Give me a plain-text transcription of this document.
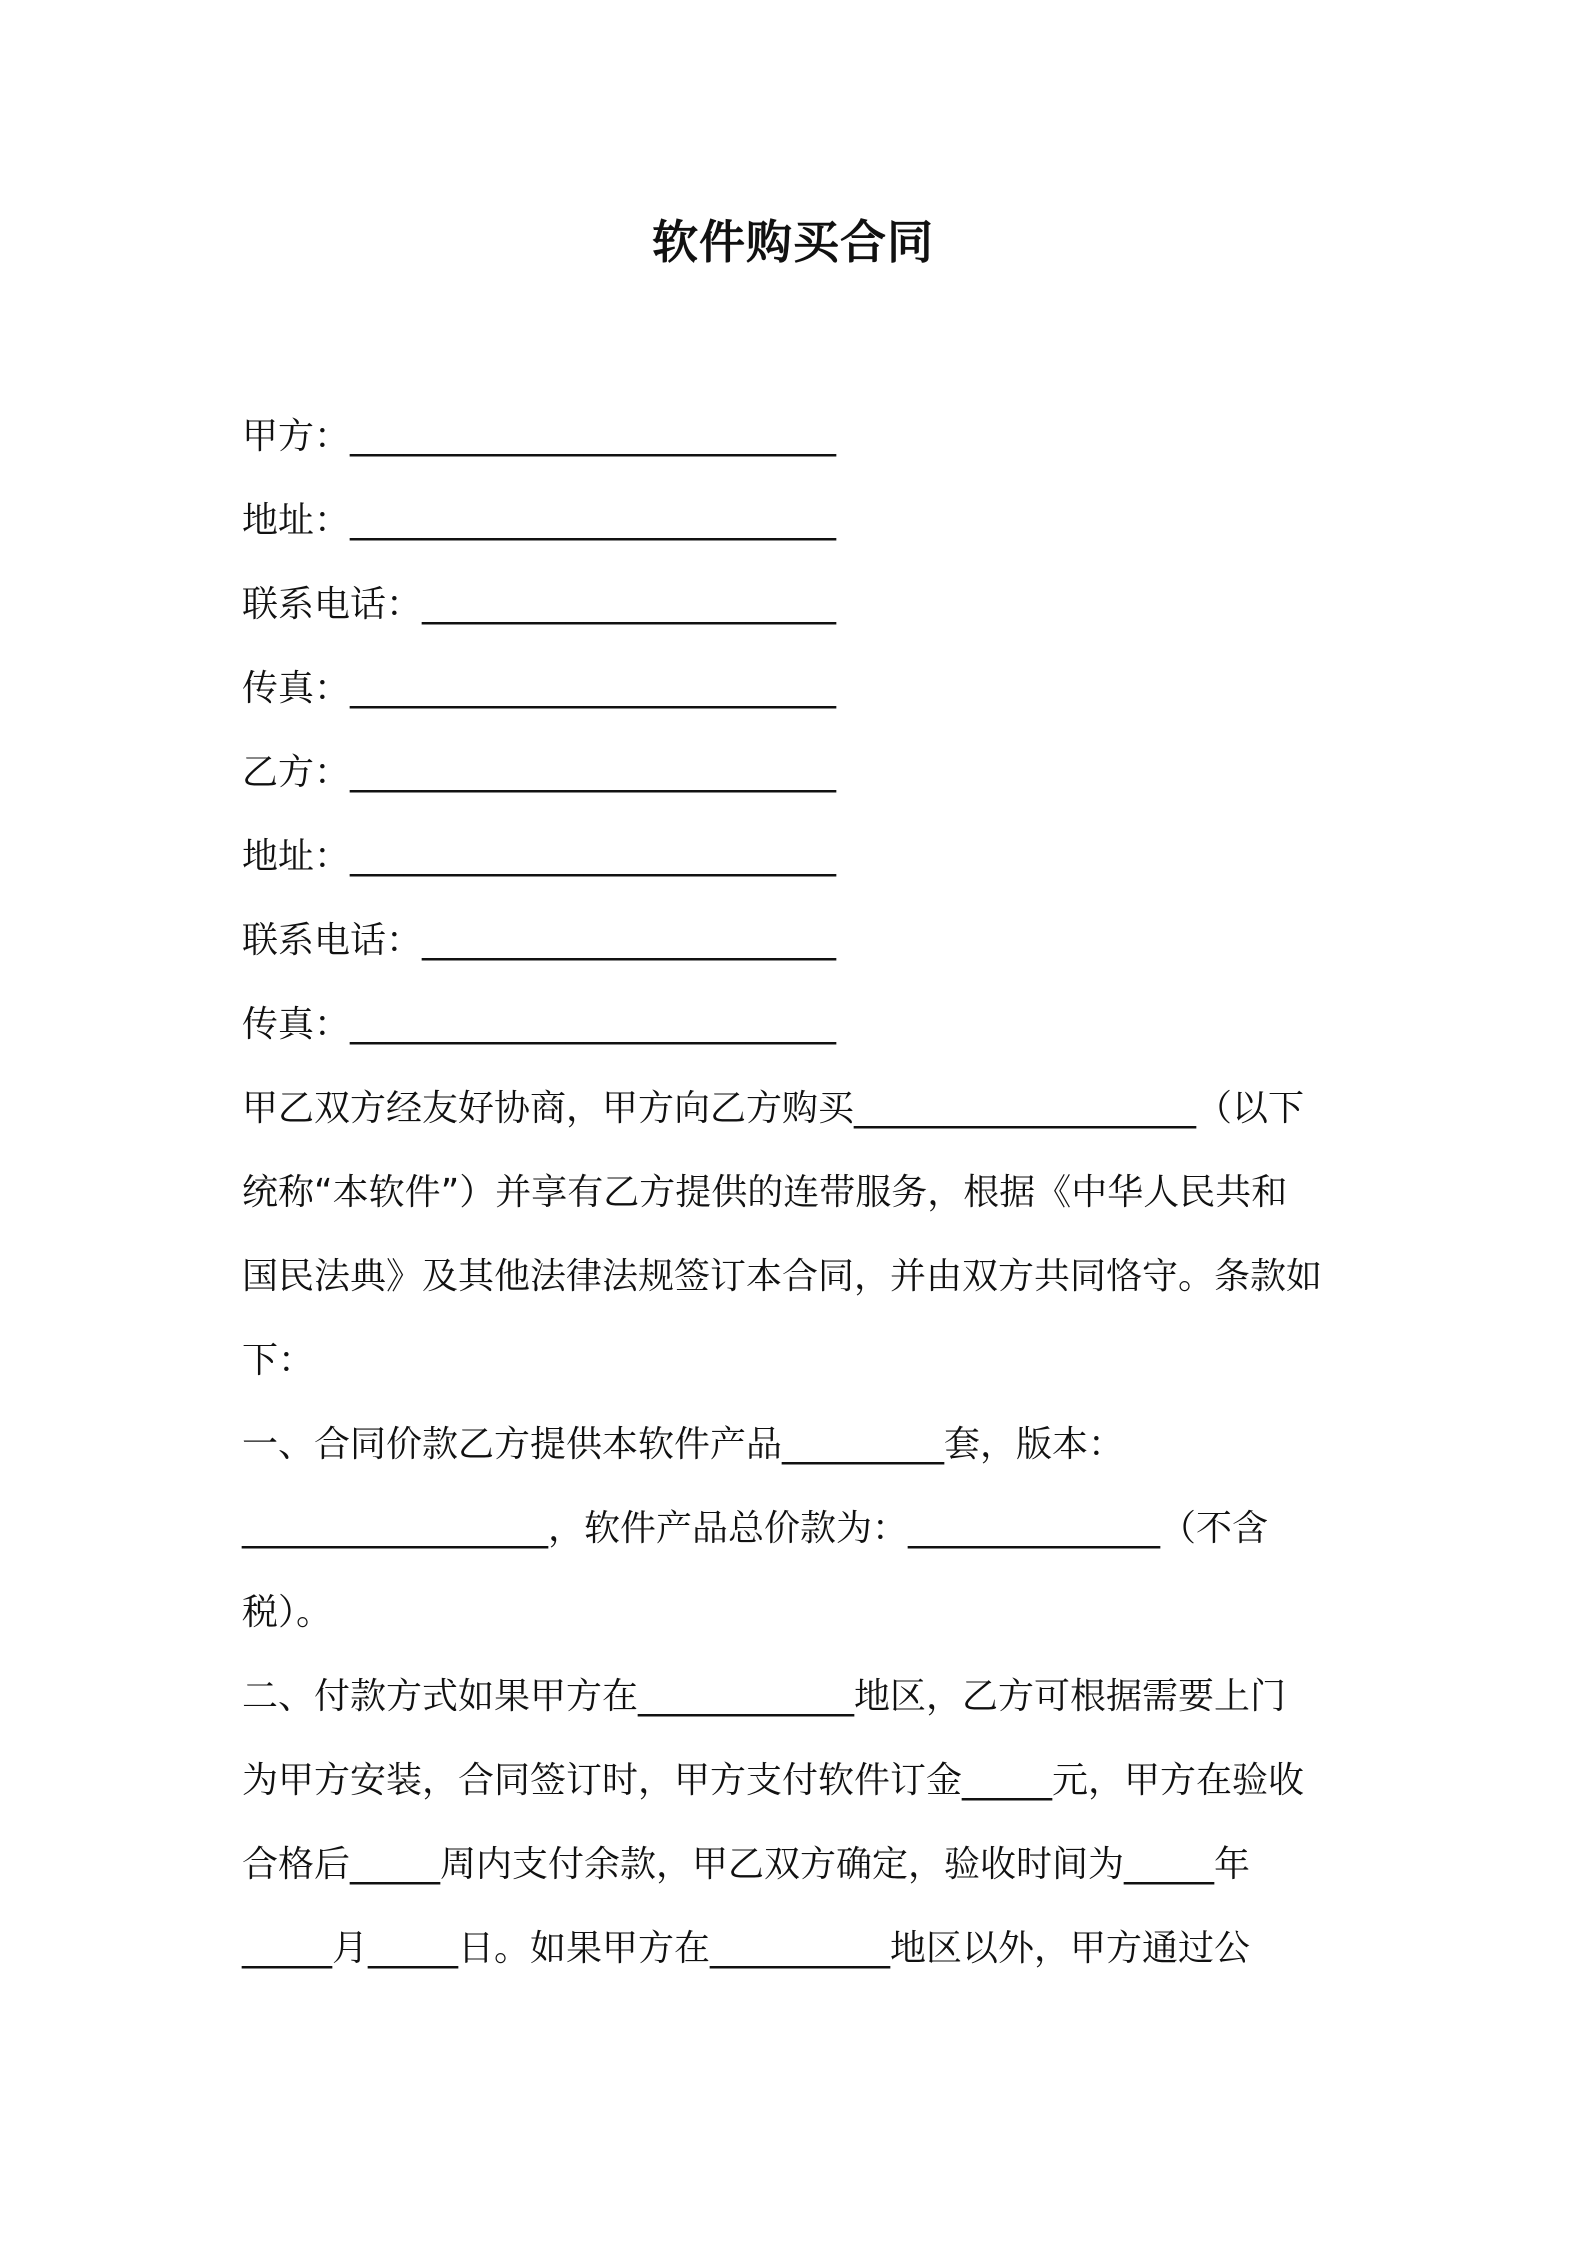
软件购买合同
甲方：___________________________
地址：___________________________
联系电话：_______________________
传真：___________________________
乙方：___________________________
地址：___________________________
联系电话：_______________________
传真：___________________________
甲乙双方经友好协商，甲方向乙方购买___________________（以下
统称“本软件”）并享有乙方提供的连带服务，根据《中华人民共和
国民法典》及其他法律法规签订本合同，并由双方共同恪守。条款如
下：
一、合同价款乙方提供本软件产品_________套，版本：
_________________，软件产品总价款为：______________（不含
税）。
二、付款方式如果甲方在____________地区，乙方可根据需要上门
为甲方安装，合同签订时，甲方支付软件订金_____元，甲方在验收
合格后_____周内支付余款，甲乙双方确定，验收时间为_____年
_____月_____日。如果甲方在__________地区以外，甲方通过公
